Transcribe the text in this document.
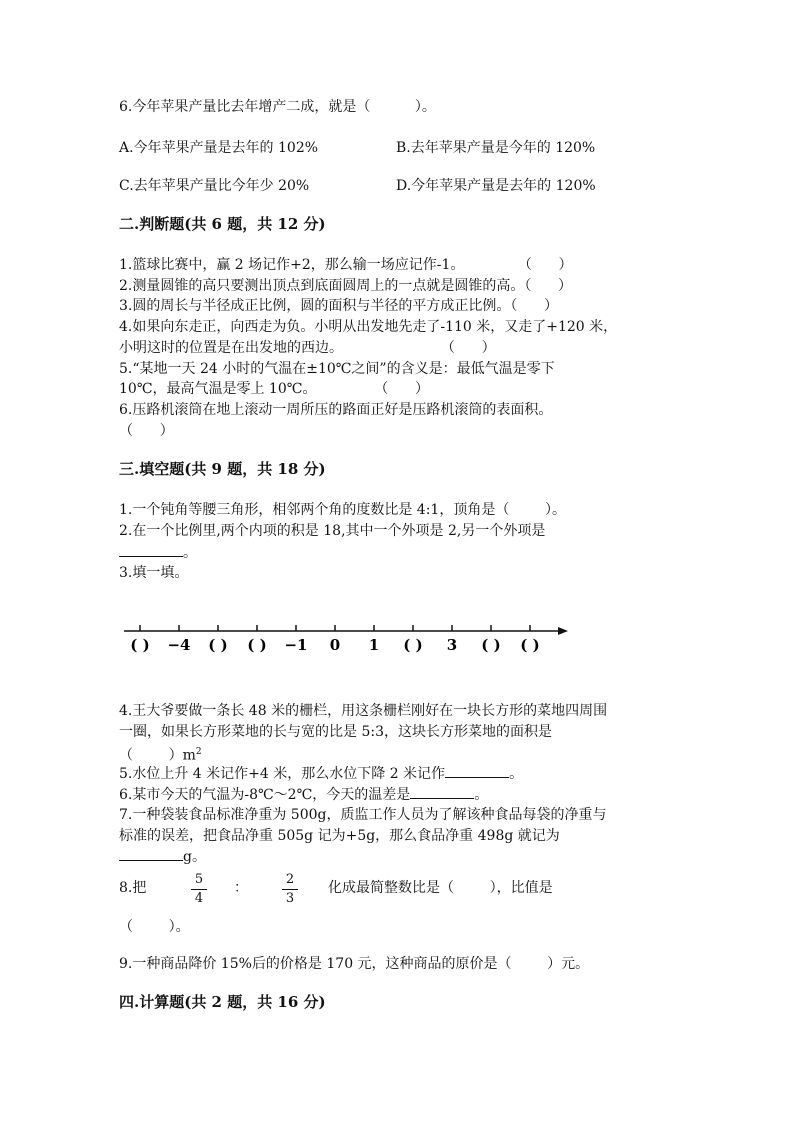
6.今年苹果产量比去年增产二成，就是（          ）。
A.今年苹果产量是去年的 102%	B.去年苹果产量是今年的 120%
C.去年苹果产量比今年少 20%	D.今年苹果产量是去年的 120%
二.判断题(共 6 题，共 12 分)
1.篮球比赛中，赢 2 场记作+2，那么输一场应记作-1。            （      ）
2.测量圆锥的高只要测出顶点到底面圆周上的一点就是圆锥的高。（      ）
3.圆的周长与半径成正比例，圆的面积与半径的平方成正比例。（      ）
4.如果向东走正，向西走为负。小明从出发地先走了-110 米，又走了+120 米，
小明这时的位置是在出发地的西边。                      （      ）
5.“某地一天 24 小时的气温在±10℃之间”的含义是：最低气温是零下
10℃，最高气温是零上 10℃。             （      ）
6.压路机滚筒在地上滚动一周所压的路面正好是压路机滚筒的表面积。
（      ）
三.填空题(共 9 题，共 18 分)
1.一个钝角等腰三角形，相邻两个角的度数比是 4:1，顶角是（        ）。
2.在一个比例里,两个内项的积是 18,其中一个外项是 2,另一个外项是
。
3.填一填。
( ) −4 ( ) ( ) −1 0 1 ( ) 3 ( ) ( )
4.王大爷要做一条长 48 米的栅栏，用这条栅栏刚好在一块长方形的菜地四周围
一圈，如果长方形菜地的长与宽的比是 5:3，这块长方形菜地的面积是
（        ）$m^2$
5.水位上升 4 米记作+4 米，那么水位下降 2 米记作	。
6.某市今天的气温为-8℃～2℃，今天的温差是	。
7.一种袋装食品标准净重为 500g，质监工作人员为了解该种食品每袋的净重与
标准的误差，把食品净重 505g 记为+5g，那么食品净重 498g 就记为
g。
8.把
5
4
：
2
3
化成最简整数比是（        ），比值是
（        ）。
9.一种商品降价 15%后的价格是 170 元，这种商品的原价是（        ）元。
四.计算题(共 2 题，共 16 分)
